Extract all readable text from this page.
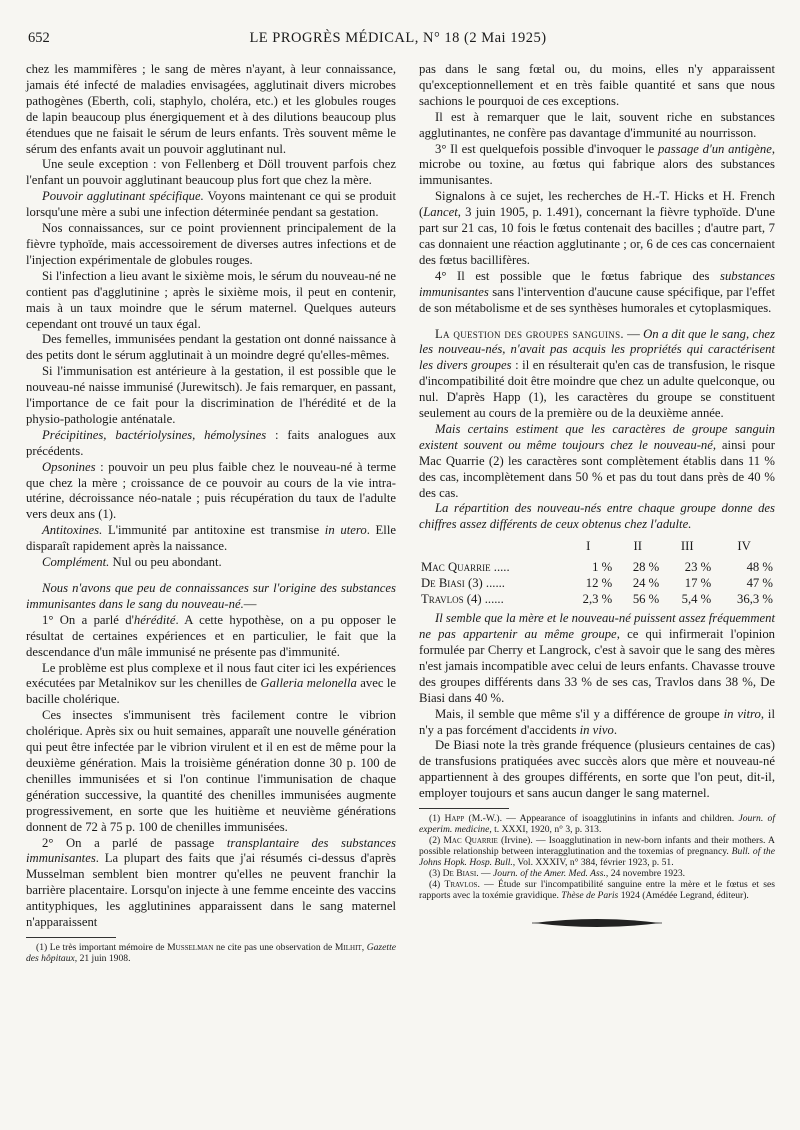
652	LE PROGRÈS MÉDICAL, N° 18 (2 Mai 1925)

chez les mammifères ; le sang de mères n'ayant, à leur connaissance, jamais été infecté de maladies envisagées, agglutinait divers microbes pathogènes (Eberth, coli, staphylo, choléra, etc.) et les globules rouges de lapin beaucoup plus énergiquement et à des dilutions beaucoup plus étendues que ne faisait le sérum de leurs enfants. Très souvent même le sérum des enfants avait un pouvoir agglutinant nul.

Une seule exception : von Fellenberg et Döll trouvent parfois chez l'enfant un pouvoir agglutinant beaucoup plus fort que chez la mère.

Pouvoir agglutinant spécifique. Voyons maintenant ce qui se produit lorsqu'une mère a subi une infection déterminée pendant sa gestation.

Nos connaissances, sur ce point proviennent principalement de la fièvre typhoïde, mais accessoirement de diverses autres infections et de l'injection expérimentale de globules rouges.

Si l'infection a lieu avant le sixième mois, le sérum du nouveau-né ne contient pas d'agglutinine ; après le sixième mois, il peut en contenir, mais à un taux moindre que le sérum maternel. Quelques auteurs cependant ont trouvé un taux égal.

Des femelles, immunisées pendant la gestation ont donné naissance à des petits dont le sérum agglutinait à un moindre degré qu'elles-mêmes.

Si l'immunisation est antérieure à la gestation, il est possible que le nouveau-né naisse immunisé (Jurewitsch). Je fais remarquer, en passant, l'importance de ce fait pour la discrimination de l'hérédité et de la physio-pathologie anténatale.

Précipitines, bactériolysines, hémolysines : faits analogues aux précédents.

Opsonines : pouvoir un peu plus faible chez le nouveau-né à terme que chez la mère ; croissance de ce pouvoir au cours de la vie intra-utérine, décroissance néo-natale ; puis récupération du taux de l'adulte vers deux ans (1).

Antitoxines. L'immunité par antitoxine est transmise in utero. Elle disparaît rapidement après la naissance.

Complément. Nul ou peu abondant.

Nous n'avons que peu de connaissances sur l'origine des substances immunisantes dans le sang du nouveau-né.—

1° On a parlé d'hérédité. A cette hypothèse, on a pu opposer le résultat de certaines expériences et en particulier, le fait que la descendance d'un mâle immunisé ne présente pas d'immunité.

Le problème est plus complexe et il nous faut citer ici les expériences exécutées par Metalnikov sur les chenilles de Galleria melonella avec le bacille cholérique.

Ces insectes s'immunisent très facilement contre le vibrion cholérique. Après six ou huit semaines, apparaît une nouvelle génération qui peut être infectée par le vibrion virulent et il en est de même pour la deuxième génération. Mais la troisième génération donne 30 p. 100 de chenilles immunisées et si l'on continue l'immunisation de chaque génération successive, la quantité des chenilles immunisées augmente progressivement, en sorte que les huitième et neuvième générations donnent de 72 à 75 p. 100 de chenilles immunisées.

2° On a parlé de passage transplantaire des substances immunisantes. La plupart des faits que j'ai résumés ci-dessus d'après Musselman semblent bien montrer qu'elles ne peuvent franchir la barrière placentaire. Lorsqu'on injecte à une femme enceinte des vaccins antityphiques, les agglutinines apparaissent dans le sang maternel n'apparaissent

(1) Le très important mémoire de Musselman ne cite pas une observation de Milhit, Gazette des hôpitaux, 21 juin 1908.

pas dans le sang fœtal ou, du moins, elles n'y apparaissent qu'exceptionnellement et en très faible quantité et sans que nous sachions le pourquoi de ces exceptions.

Il est à remarquer que le lait, souvent riche en substances agglutinantes, ne confère pas davantage d'immunité au nourrisson.

3° Il est quelquefois possible d'invoquer le passage d'un antigène, microbe ou toxine, au fœtus qui fabrique alors des substances immunisantes.

Signalons à ce sujet, les recherches de H.-T. Hicks et H. French (Lancet, 3 juin 1905, p. 1.491), concernant la fièvre typhoïde. D'une part sur 21 cas, 10 fois le fœtus contenait des bacilles ; d'autre part, 7 cas donnaient une réaction agglutinante ; or, 6 de ces cas concernaient des fœtus bacillifères.

4° Il est possible que le fœtus fabrique des substances immunisantes sans l'intervention d'aucune cause spécifique, par l'effet de son métabolisme et de ses synthèses humorales et cytoplasmiques.

La question des groupes sanguins. — On a dit que le sang, chez les nouveau-nés, n'avait pas acquis les propriétés qui caractérisent les divers groupes : il en résulterait qu'en cas de transfusion, le risque d'incompatibilité doit être moindre que chez un adulte quelconque, ou nul. D'après Happ (1), les caractères du groupe se constituent seulement au cours de la première ou de la deuxième année.

Mais certains estiment que les caractères de groupe sanguin existent souvent ou même toujours chez le nouveau-né, ainsi pour Mac Quarrie (2) les caractères sont complètement établis dans 11 % des cas, incomplètement dans 50 % et pas du tout dans près de 40 % des cas.

La répartition des nouveau-nés entre chaque groupe donne des chiffres assez différents de ceux obtenus chez l'adulte.

	I	II	III	IV
Mac Quarrie .....	1 %	28 %	23 %	48 %
De Biasi (3) ......	12 %	24 %	17 %	47 %
Travlos (4) ......	2,3 %	56 %	5,4 %	36,3 %

Il semble que la mère et le nouveau-né puissent assez fréquemment ne pas appartenir au même groupe, ce qui infirmerait l'opinion formulée par Cherry et Langrock, c'est à savoir que le sang des mères n'est jamais incompatible avec celui de leurs enfants. Chavasse trouve des groupes différents dans 33 % de ses cas, Travlos dans 38 %, De Biasi dans 40 %.

Mais, il semble que même s'il y a différence de groupe in vitro, il n'y a pas forcément d'accidents in vivo.

De Biasi note la très grande fréquence (plusieurs centaines de cas) de transfusions pratiquées avec succès alors que mère et nouveau-né appartiennent à des groupes différents, en sorte que l'on peut, dit-il, employer toujours et sans aucun danger le sang maternel.

(1) Happ (M.-W.). — Appearance of isoagglutinins in infants and children. Journ. of experim. medicine, t. XXXI, 1920, n° 3, p. 313.

(2) Mac Quarrie (Irvine). — Isoagglutination in new-born infants and their mothers. A possible relationship between interagglutination and the toxemias of pregnancy. Bull. of the Johns Hopk. Hosp. Bull., Vol. XXXIV, n° 384, février 1923, p. 51.

(3) De Biasi. — Journ. of the Amer. Med. Ass., 24 novembre 1923.

(4) Travlos. — Étude sur l'incompatibilité sanguine entre la mère et le fœtus et ses rapports avec la toxémie gravidique. Thèse de Paris 1924 (Amédée Legrand, éditeur).
